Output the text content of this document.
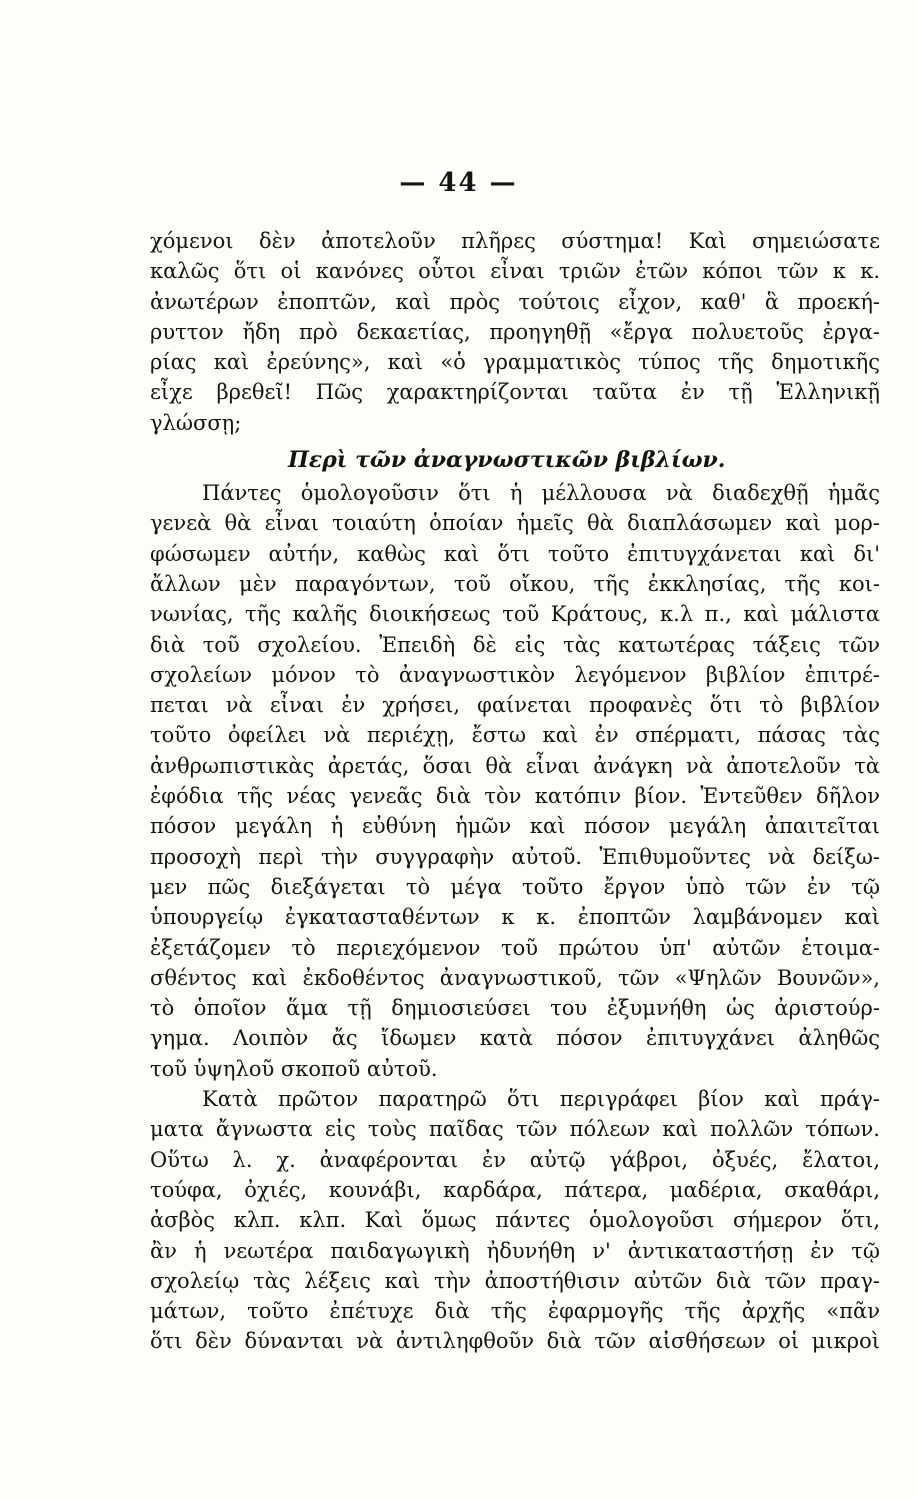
— 44 —
χόμενοι δὲν ἀποτελοῦν πλῆρες σύστημα! Καὶ σημειώσατε
καλῶς ὅτι οἱ κανόνες οὗτοι εἶναι τριῶν ἐτῶν κόποι τῶν κ κ.
ἀνωτέρων ἐποπτῶν, καὶ πρὸς τούτοις εἶχον, καθ' ἃ προεκή-
ρυττον ἤδη πρὸ δεκαετίας, προηγηθῇ «ἔργα πολυετοῦς ἐργα-
ρίας καὶ ἐρεύνης», καὶ «ὁ γραμματικὸς τύπος τῆς δημοτικῆς
εἶχε βρεθεῖ! Πῶς χαρακτηρίζονται ταῦτα ἐν τῇ Ἑλληνικῇ
γλώσσῃ;
Περὶ τῶν ἀναγνωστικῶν βιβλίων.
Πάντες ὁμολογοῦσιν ὅτι ἡ μέλλουσα νὰ διαδεχθῇ ἡμᾶς
γενεὰ θὰ εἶναι τοιαύτη ὁποίαν ἡμεῖς θὰ διαπλάσωμεν καὶ μορ-
φώσωμεν αὐτήν, καθὼς καὶ ὅτι τοῦτο ἐπιτυγχάνεται καὶ δι'
ἄλλων μὲν παραγόντων, τοῦ οἴκου, τῆς ἐκκλησίας, τῆς κοι-
νωνίας, τῆς καλῆς διοικήσεως τοῦ Κράτους, κ.λ π., καὶ μάλιστα
διὰ τοῦ σχολείου. Ἐπειδὴ δὲ εἰς τὰς κατωτέρας τάξεις τῶν
σχολείων μόνον τὸ ἀναγνωστικὸν λεγόμενον βιβλίον ἐπιτρέ-
πεται νὰ εἶναι ἐν χρήσει, φαίνεται προφανὲς ὅτι τὸ βιβλίον
τοῦτο ὀφείλει νὰ περιέχῃ, ἔστω καὶ ἐν σπέρματι, πάσας τὰς
ἀνθρωπιστικὰς ἀρετάς, ὅσαι θὰ εἶναι ἀνάγκη νὰ ἀποτελοῦν τὰ
ἐφόδια τῆς νέας γενεᾶς διὰ τὸν κατόπιν βίον. Ἐντεῦθεν δῆλον
πόσον μεγάλη ἡ εὐθύνη ἡμῶν καὶ πόσον μεγάλη ἀπαιτεῖται
προσοχὴ περὶ τὴν συγγραφὴν αὐτοῦ. Ἐπιθυμοῦντες νὰ δείξω-
μεν πῶς διεξάγεται τὸ μέγα τοῦτο ἔργον ὑπὸ τῶν ἐν τῷ
ὑπουργείῳ ἐγκατασταθέντων κ κ. ἐποπτῶν λαμβάνομεν καὶ
ἐξετάζομεν τὸ περιεχόμενον τοῦ πρώτου ὑπ' αὐτῶν ἑτοιμα-
σθέντος καὶ ἐκδοθέντος ἀναγνωστικοῦ, τῶν «Ψηλῶν Βουνῶν»,
τὸ ὁποῖον ἅμα τῇ δημιοσιεύσει του ἐξυμνήθη ὡς ἀριστούρ-
γημα. Λοιπὸν ἄς ἴδωμεν κατὰ πόσον ἐπιτυγχάνει ἀληθῶς
τοῦ ὑψηλοῦ σκοποῦ αὐτοῦ.
Κατὰ πρῶτον παρατηρῶ ὅτι περιγράφει βίον καὶ πράγ-
ματα ἄγνωστα εἰς τοὺς παῖδας τῶν πόλεων καὶ πολλῶν τόπων.
Οὕτω λ. χ. ἀναφέρονται ἐν αὐτῷ γάβροι, ὀξυές, ἔλατοι,
τούφα, ὀχιές, κουνάβι, καρδάρα, πάτερα, μαδέρια, σκαθάρι,
ἀσβὸς κλπ. κλπ. Καὶ ὅμως πάντες ὁμολογοῦσι σήμερον ὅτι,
ἂν ἡ νεωτέρα παιδαγωγικὴ ἠδυνήθη ν' ἀντικαταστήσῃ ἐν τῷ
σχολείῳ τὰς λέξεις καὶ τὴν ἀποστήθισιν αὐτῶν διὰ τῶν πραγ-
μάτων, τοῦτο ἐπέτυχε διὰ τῆς ἐφαρμογῆς τῆς ἀρχῆς «πᾶν
ὅτι δὲν δύνανται νὰ ἀντιληφθοῦν διὰ τῶν αἰσθήσεων οἱ μικροὶ
